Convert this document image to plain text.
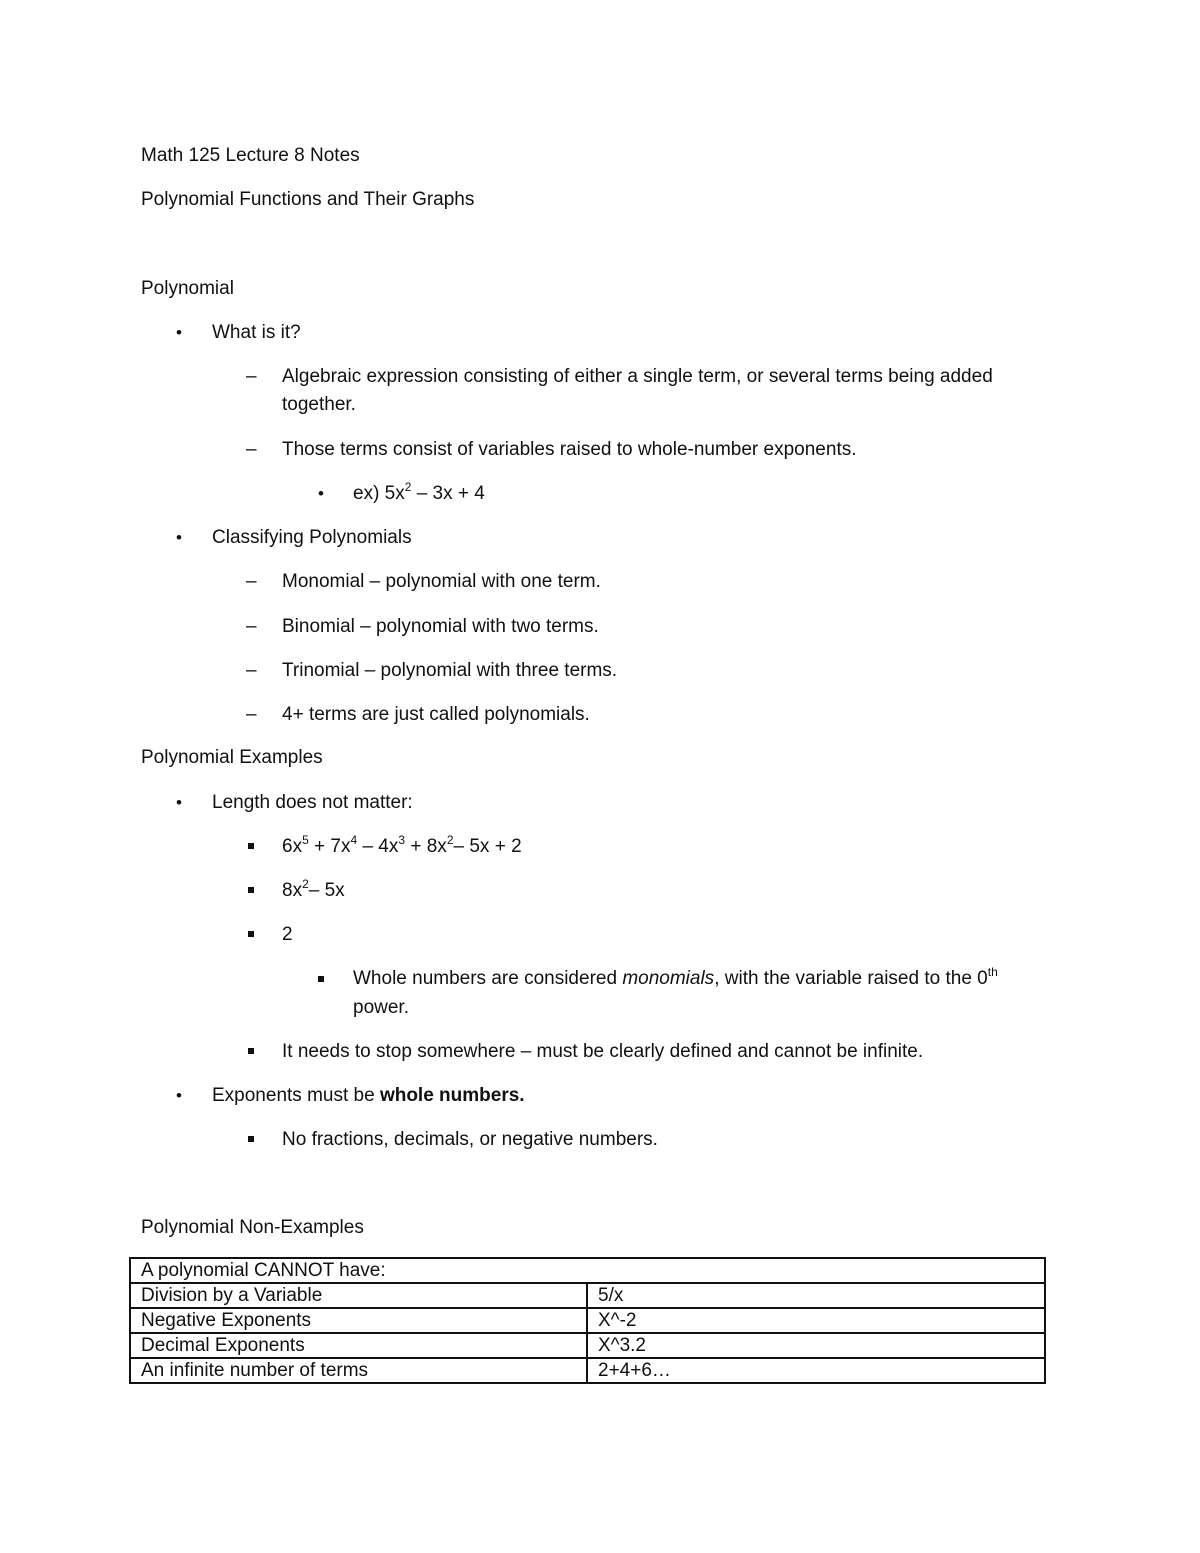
Math 125 Lecture 8 Notes
Polynomial Functions and Their Graphs
Polynomial
• What is it?
– Algebraic expression consisting of either a single term, or several terms being added together.
– Those terms consist of variables raised to whole-number exponents.
• ex) $5x^2 - 3x + 4$
• Classifying Polynomials
– Monomial – polynomial with one term.
– Binomial – polynomial with two terms.
– Trinomial – polynomial with three terms.
– 4+ terms are just called polynomials.
Polynomial Examples
• Length does not matter:
$6x^5 + 7x^4 - 4x^3 + 8x^2-$ 5x + 2
$8x^2-$ 5x
2
Whole numbers are considered monomials, with the variable raised to the 0th
power.
It needs to stop somewhere – must be clearly defined and cannot be infinite.
• Exponents must be whole numbers.
No fractions, decimals, or negative numbers.
Polynomial Non-Examples
A polynomial CANNOT have:	
Division by a Variable	5/x
Negative Exponents	X^-2
Decimal Exponents	X^3.2
An infinite number of terms	2+4+6…
